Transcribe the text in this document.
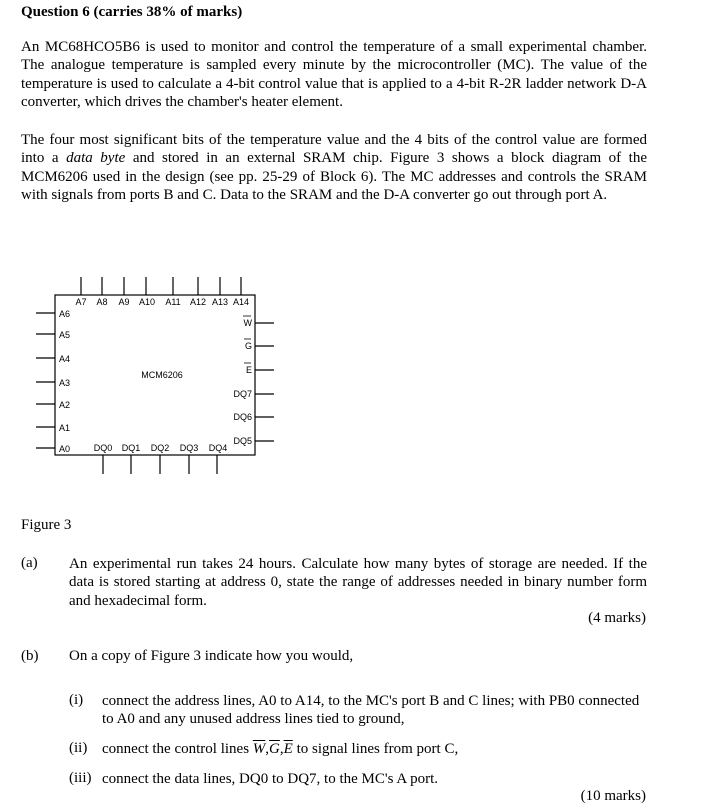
Question 6 (carries 38% of marks)
An MC68HCO5B6 is used to monitor and control the temperature of a small experimental chamber. The analogue temperature is sampled every minute by the microcontroller (MC). The value of the temperature is used to calculate a 4-bit control value that is applied to a 4-bit R-2R ladder network D-A converter, which drives the chamber's heater element.
The four most significant bits of the temperature value and the 4 bits of the control value are formed into a data byte and stored in an external SRAM chip. Figure 3 shows a block diagram of the MCM6206 used in the design (see pp. 25-29 of Block 6). The MC addresses and controls the SRAM with signals from ports B and C. Data to the SRAM and the D-A converter go out through port A.
MCM6206
A7 A8 A9 A10 A11 A12 A13 A14
A6
A5
A4
A3
A2
A1
A0
W
G
E
DQ7
DQ6
DQ5
DQ0 DQ1 DQ2 DQ3 DQ4
Figure 3
(a) An experimental run takes 24 hours. Calculate how many bytes of storage are needed. If the data is stored starting at address 0, state the range of addresses needed in binary number form and hexadecimal form.
(4 marks)
(b) On a copy of Figure 3 indicate how you would,
(i) connect the address lines, A0 to A14, to the MC's port B and C lines; with PB0 connected to A0 and any unused address lines tied to ground,
(ii) connect the control lines $\overline{W},\overline{G},\overline{E}$ to signal lines from port C,
(iii) connect the data lines, DQ0 to DQ7, to the MC's A port.
(10 marks)
